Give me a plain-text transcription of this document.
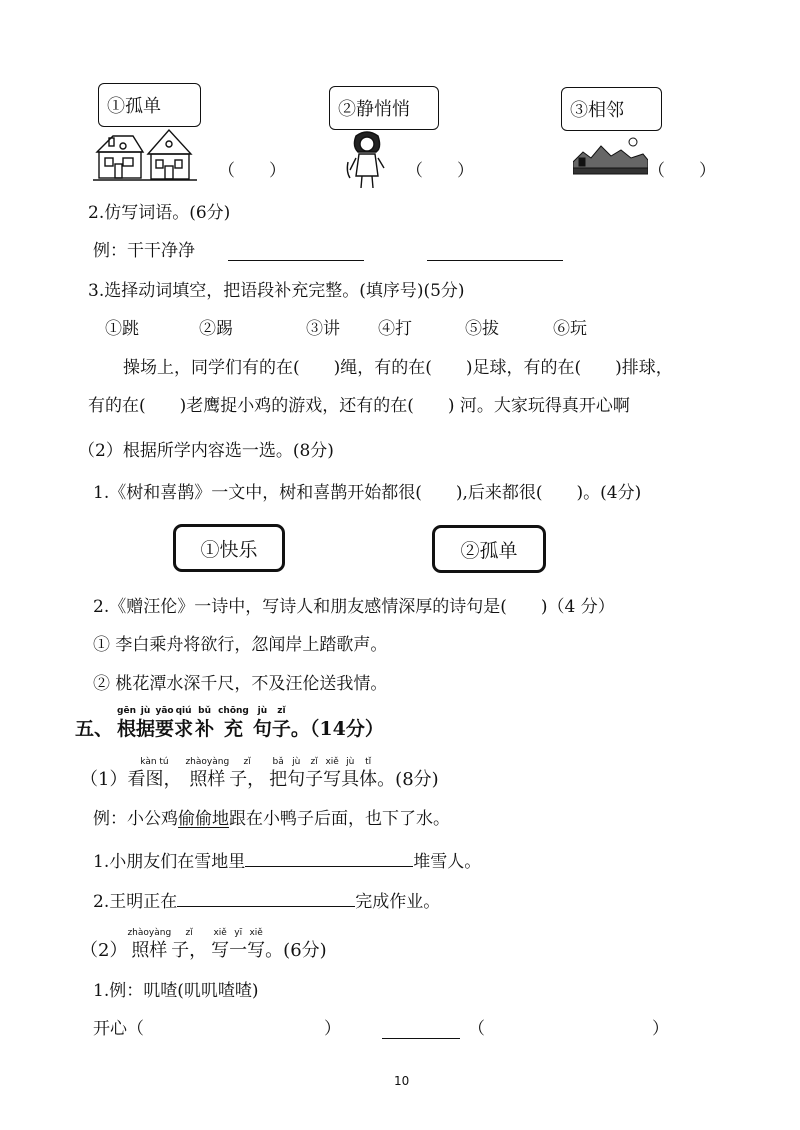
①孤单	②静悄悄	③相邻
（　　）	（　　）	（　　）
2.仿写词语。(6分)
例：干干净净
3.选择动词填空，把语段补充完整。(填序号)(5分)
①跳	②踢	③讲 ④打	⑤拔	⑥玩
操场上，同学们有的在(　　)绳，有的在(　　)足球，有的在(　　)排球，
有的在(　　)老鹰捉小鸡的游戏，还有的在(　　) 河。大家玩得真开心啊
（2）根据所学内容选一选。(8分)
1.《树和喜鹊》一文中，树和喜鹊开始都很(　　),后来都很(　　)。(4分)
①快乐	②孤单
2.《赠汪伦》一诗中，写诗人和朋友感情深厚的诗句是(　　)（4 分）
① 李白乘舟将欲行，忽闻岸上踏歌声。
② 桃花潭水深千尺，不及汪伦送我情。
五、
gēn
根
jù
据
yāo
要
qiú
求
bǔ
补
chōng
充
jù
句
zǐ
子 。（14分）
（1）
kàn tú
看图，
zhàoyàng
照样
zǐ
子，
bǎ
把
jù
句
zǐ
子
xiě
写
jù
具
tǐ
体 。(8分)
例：小公鸡偷偷地跟在小鸭子后面，也下了水。
1.小朋友们在雪地里	堆雪人。
2.王明正在	完成作业。
（2）
zhàoyàng
照样
zǐ
子，
xiě
写
yī
一
xiě
写 。(6分)
1.例：叽喳(叽叽喳喳)
开心（	）	（	）
10
